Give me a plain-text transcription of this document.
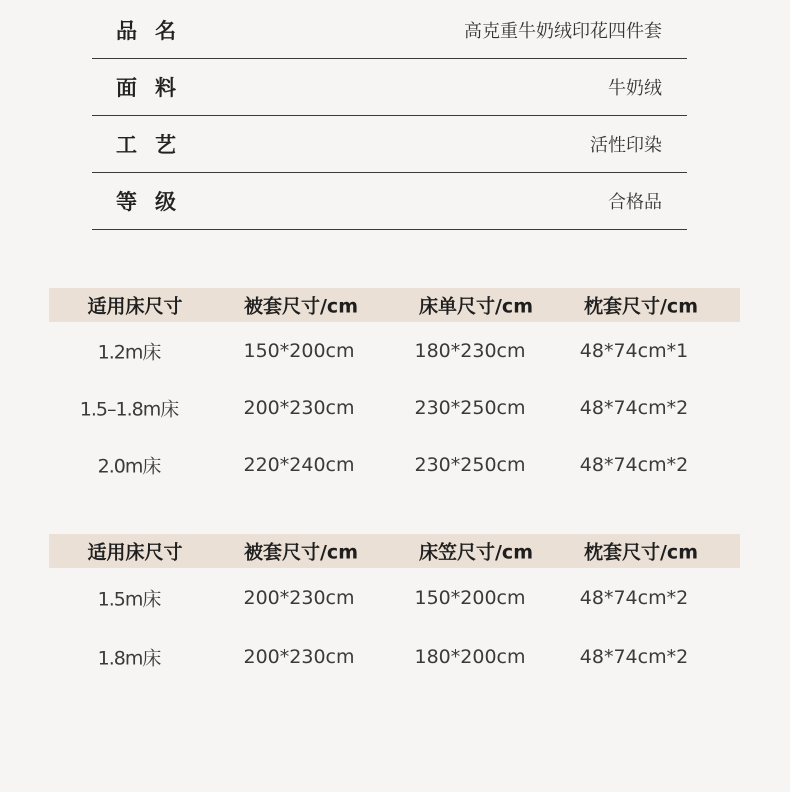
品名	高克重牛奶绒印花四件套
面料	牛奶绒
工艺	活性印染
等级	合格品
适用床尺寸	被套尺寸/cm	床单尺寸/cm	枕套尺寸/cm
1.2m床	150*200cm	180*230cm	48*74cm*1
1.5–1.8m床	200*230cm	230*250cm	48*74cm*2
2.0m床	220*240cm	230*250cm	48*74cm*2
适用床尺寸	被套尺寸/cm	床笠尺寸/cm	枕套尺寸/cm
1.5m床	200*230cm	150*200cm	48*74cm*2
1.8m床	200*230cm	180*200cm	48*74cm*2
